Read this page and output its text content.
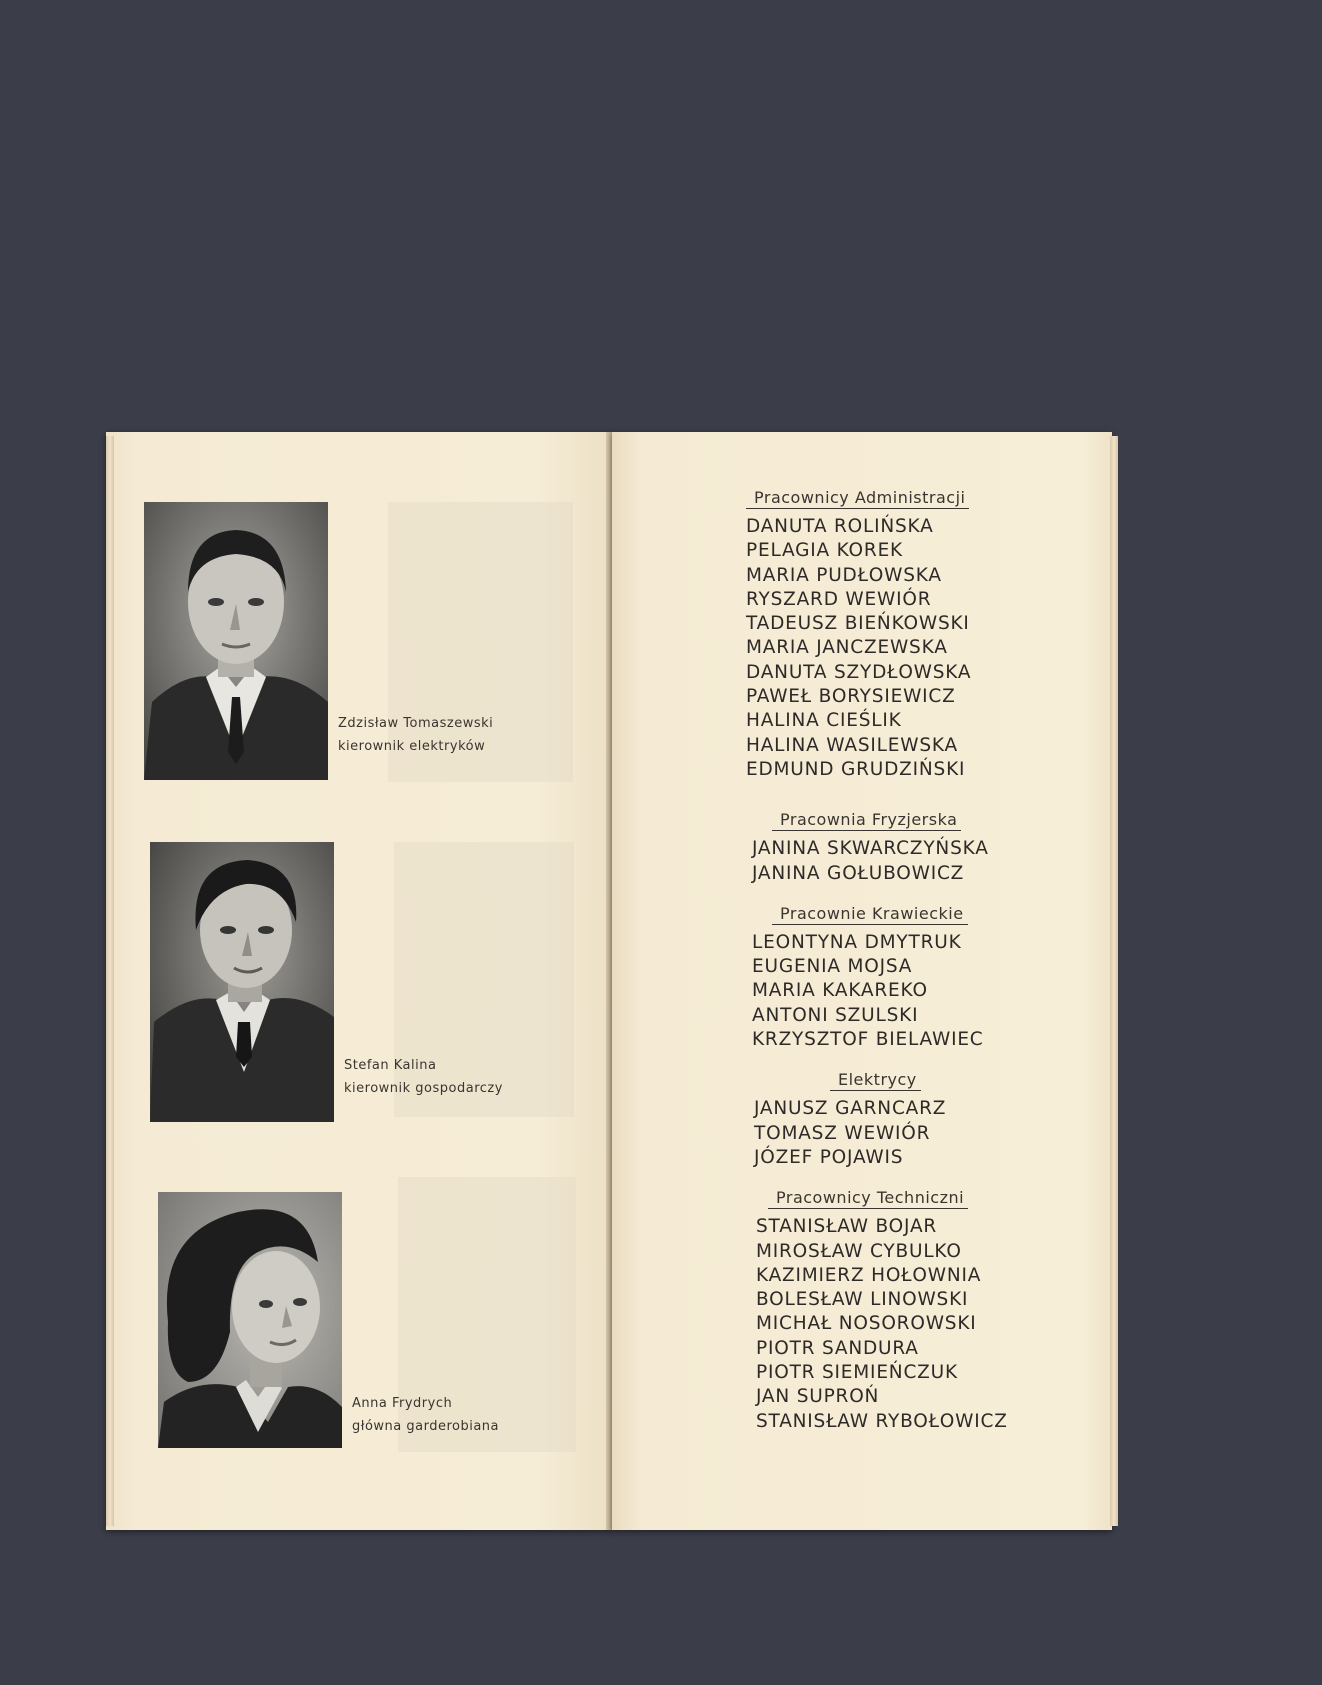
Zdzisław Tomaszewski
kierownik elektryków
Stefan Kalina
kierownik gospodarczy
Anna Frydrych
główna garderobiana
Pracownicy Administracji
DANUTA ROLIŃSKA
PELAGIA KOREK
MARIA PUDŁOWSKA
RYSZARD WEWIÓR
TADEUSZ BIEŃKOWSKI
MARIA JANCZEWSKA
DANUTA SZYDŁOWSKA
PAWEŁ BORYSIEWICZ
HALINA CIEŚLIK
HALINA WASILEWSKA
EDMUND GRUDZIŃSKI
Pracownia Fryzjerska
JANINA SKWARCZYŃSKA
JANINA GOŁUBOWICZ
Pracownie Krawieckie
LEONTYNA DMYTRUK
EUGENIA MOJSA
MARIA KAKAREKO
ANTONI SZULSKI
KRZYSZTOF BIELAWIEC
Elektrycy
JANUSZ GARNCARZ
TOMASZ WEWIÓR
JÓZEF POJAWIS
Pracownicy Techniczni
STANISŁAW BOJAR
MIROSŁAW CYBULKO
KAZIMIERZ HOŁOWNIA
BOLESŁAW LINOWSKI
MICHAŁ NOSOROWSKI
PIOTR SANDURA
PIOTR SIEMIEŃCZUK
JAN SUPROŃ
STANISŁAW RYBOŁOWICZ
